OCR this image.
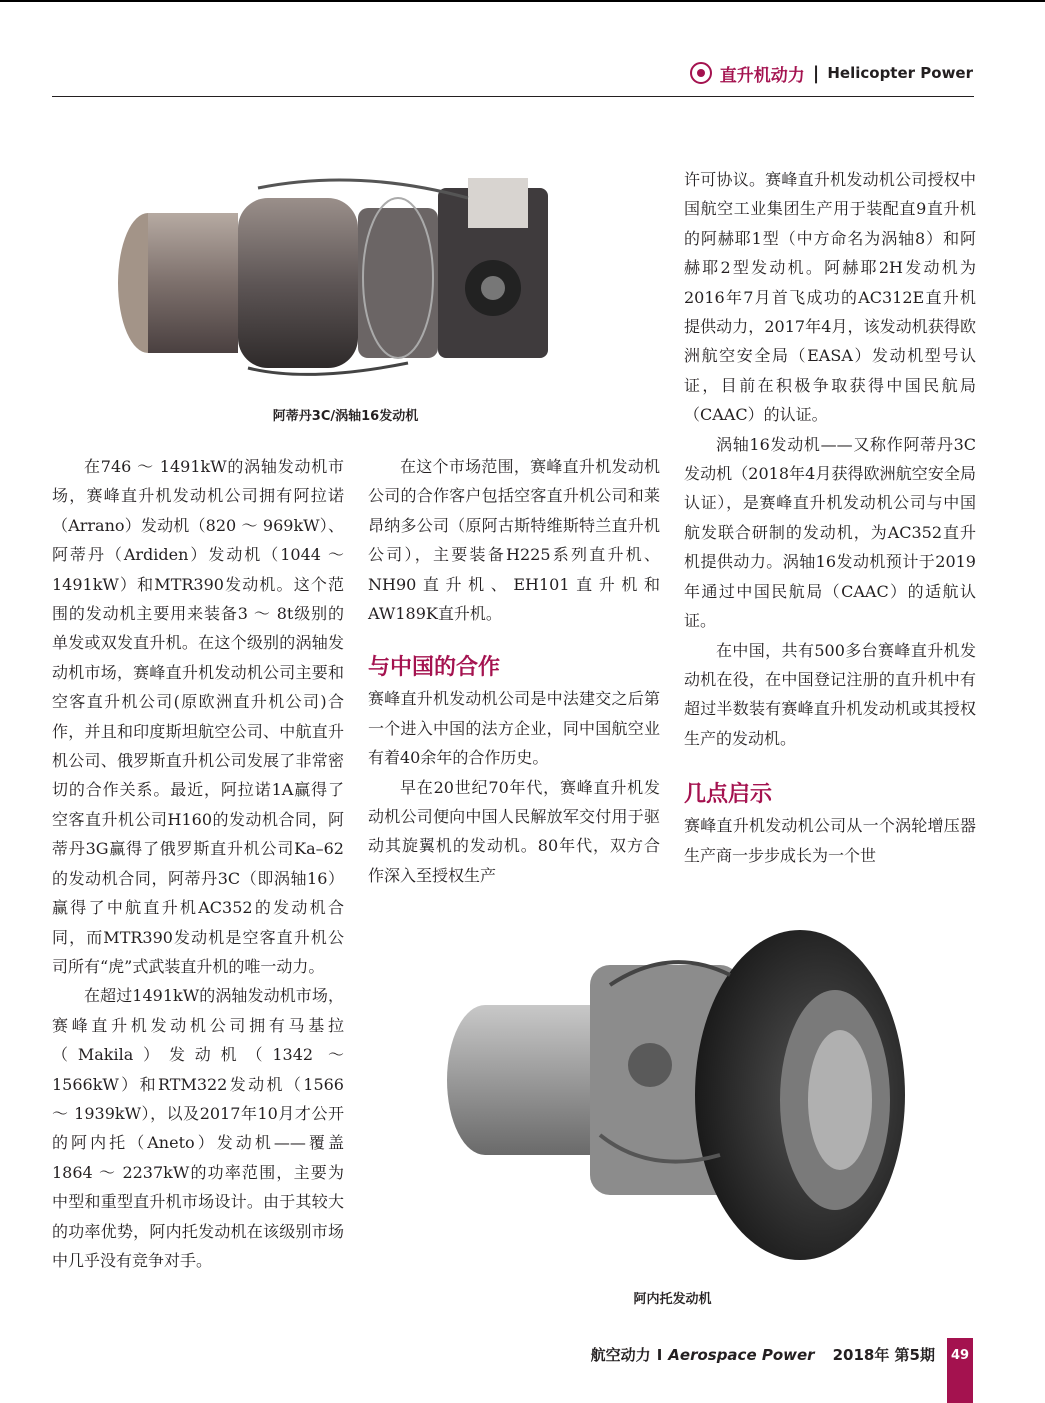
直升机动力 | Helicopter Power
阿蒂丹3C/涡轴16发动机

在746 ～ 1491kW的涡轴发动机市场，赛峰直升机发动机公司拥有阿拉诺（Arrano）发动机（820 ～ 969kW）、阿蒂丹（Ardiden）发动机（1044 ～ 1491kW）和MTR390发动机。这个范围的发动机主要用来装备3 ～ 8t级别的单发或双发直升机。在这个级别的涡轴发动机市场，赛峰直升机发动机公司主要和空客直升机公司(原欧洲直升机公司)合作，并且和印度斯坦航空公司、中航直升机公司、俄罗斯直升机公司发展了非常密切的合作关系。最近，阿拉诺1A赢得了空客直升机公司H160的发动机合同，阿蒂丹3G赢得了俄罗斯直升机公司Ka–62的发动机合同，阿蒂丹3C（即涡轴16）赢得了中航直升机AC352的发动机合同，而MTR390发动机是空客直升机公司所有“虎”式武装直升机的唯一动力。

在超过1491kW的涡轴发动机市场，赛峰直升机发动机公司拥有马基拉（Makila）发动机（1342 ～ 1566kW）和RTM322发动机（1566 ～ 1939kW），以及2017年10月才公开的阿内托（Aneto）发动机——覆盖1864 ～ 2237kW的功率范围，主要为中型和重型直升机市场设计。由于其较大的功率优势，阿内托发动机在该级别市场中几乎没有竞争对手。

在这个市场范围，赛峰直升机发动机公司的合作客户包括空客直升机公司和莱昂纳多公司（原阿古斯特维斯特兰直升机公司），主要装备H225系列直升机、NH90直升机、EH101直升机和AW189K直升机。

与中国的合作

赛峰直升机发动机公司是中法建交之后第一个进入中国的法方企业，同中国航空业有着40余年的合作历史。

早在20世纪70年代，赛峰直升机发动机公司便向中国人民解放军交付用于驱动其旋翼机的发动机。80年代，双方合作深入至授权生产

许可协议。赛峰直升机发动机公司授权中国航空工业集团生产用于装配直9直升机的阿赫耶1型（中方命名为涡轴8）和阿赫耶2型发动机。阿赫耶2H发动机为2016年7月首飞成功的AC312E直升机提供动力，2017年4月，该发动机获得欧洲航空安全局（EASA）发动机型号认证，目前在积极争取获得中国民航局（CAAC）的认证。

涡轴16发动机——又称作阿蒂丹3C发动机（2018年4月获得欧洲航空安全局认证），是赛峰直升机发动机公司与中国航发联合研制的发动机，为AC352直升机提供动力。涡轴16发动机预计于2019年通过中国民航局（CAAC）的适航认证。

在中国，共有500多台赛峰直升机发动机在役，在中国登记注册的直升机中有超过半数装有赛峰直升机发动机或其授权生产的发动机。

几点启示

赛峰直升机发动机公司从一个涡轮增压器生产商一步步成长为一个世

阿内托发动机
航空动力 I Aerospace Power 2018年 第5期	49
